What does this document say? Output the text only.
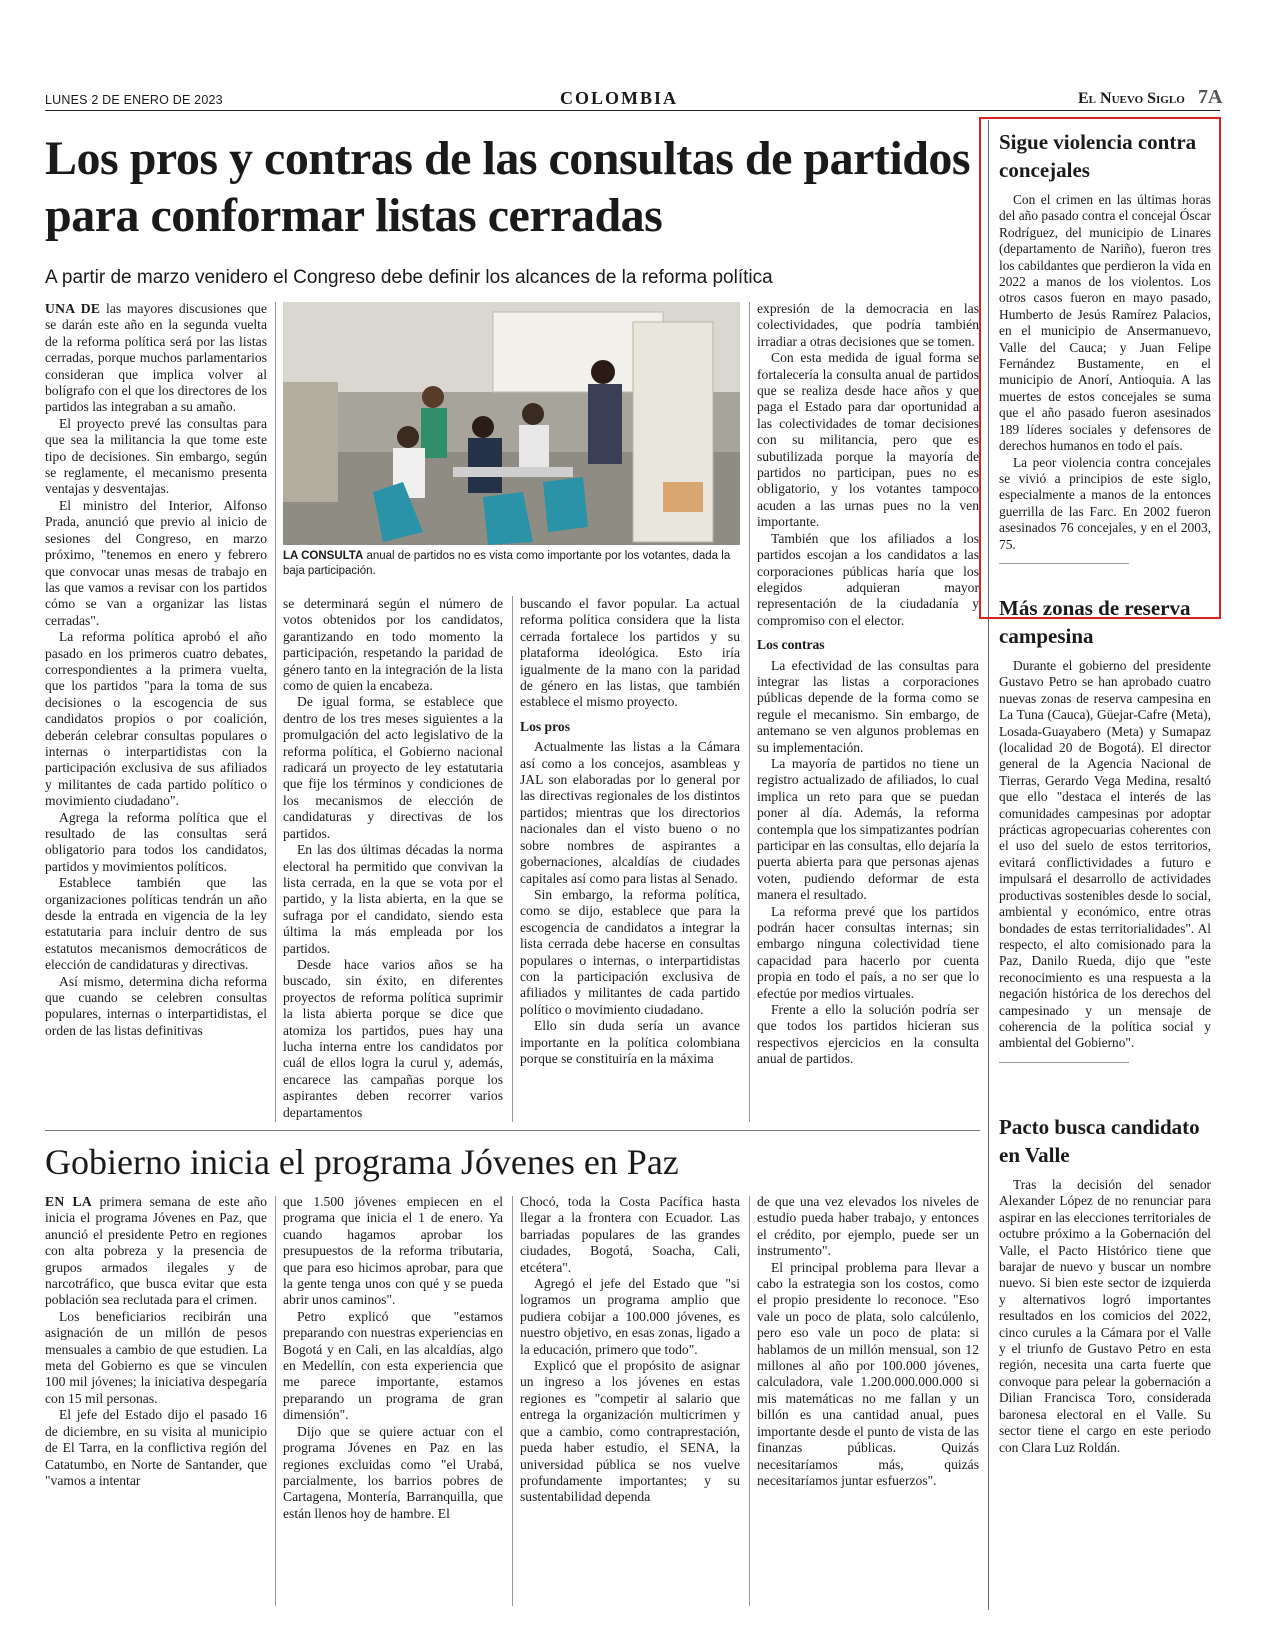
LUNES 2 DE ENERO DE 2023	COLOMBIA	El Nuevo Siglo 7A
Los pros y contras de las consultas de partidos para conformar listas cerradas
A partir de marzo venidero el Congreso debe definir los alcances de la reforma política
LA CONSULTA anual de partidos no es vista como importante por los votantes, dada la baja participación.

UNA DE las mayores discusiones que se darán este año en la segunda vuelta de la reforma política será por las listas cerradas, porque muchos parlamentarios consideran que implica volver al bolígrafo con el que los directores de los partidos las integraban a su amaño.

El proyecto prevé las consultas para que sea la militancia la que tome este tipo de decisiones. Sin embargo, según se reglamente, el mecanismo presenta ventajas y desventajas.

El ministro del Interior, Alfonso Prada, anunció que previo al inicio de sesiones del Congreso, en marzo próximo, "tenemos en enero y febrero que convocar unas mesas de trabajo en las que vamos a revisar con los partidos cómo se van a organizar las listas cerradas".

La reforma política aprobó el año pasado en los primeros cuatro debates, correspondientes a la primera vuelta, que los partidos "para la toma de sus decisiones o la escogencia de sus candidatos propios o por coalición, deberán celebrar consultas populares o internas o interpartidistas con la participación exclusiva de sus afiliados y militantes de cada partido político o movimiento ciudadano".

Agrega la reforma política que el resultado de las consultas será obligatorio para todos los candidatos, partidos y movimientos políticos.

Establece también que las organizaciones políticas tendrán un año desde la entrada en vigencia de la ley estatutaria para incluir dentro de sus estatutos mecanismos democráticos de elección de candidaturas y directivas.

Así mismo, determina dicha reforma que cuando se celebren consultas populares, internas o interpartidistas, el orden de las listas definitivas

se determinará según el número de votos obtenidos por los candidatos, garantizando en todo momento la participación, respetando la paridad de género tanto en la integración de la lista como de quien la encabeza.

De igual forma, se establece que dentro de los tres meses siguientes a la promulgación del acto legislativo de la reforma política, el Gobierno nacional radicará un proyecto de ley estatutaria que fije los términos y condiciones de los mecanismos de elección de candidaturas y directivas de los partidos.

En las dos últimas décadas la norma electoral ha permitido que convivan la lista cerrada, en la que se vota por el partido, y la lista abierta, en la que se sufraga por el candidato, siendo esta última la más empleada por los partidos.

Desde hace varios años se ha buscado, sin éxito, en diferentes proyectos de reforma política suprimir la lista abierta porque se dice que atomiza los partidos, pues hay una lucha interna entre los candidatos por cuál de ellos logra la curul y, además, encarece las campañas porque los aspirantes deben recorrer varios departamentos

buscando el favor popular. La actual reforma política considera que la lista cerrada fortalece los partidos y su plataforma ideológica. Esto iría igualmente de la mano con la paridad de género en las listas, que también establece el mismo proyecto.

Los pros

Actualmente las listas a la Cámara así como a los concejos, asambleas y JAL son elaboradas por lo general por las directivas regionales de los distintos partidos; mientras que los directorios nacionales dan el visto bueno o no sobre nombres de aspirantes a gobernaciones, alcaldías de ciudades capitales así como para listas al Senado.

Sin embargo, la reforma política, como se dijo, establece que para la escogencia de candidatos a integrar la lista cerrada debe hacerse en consultas populares o internas, o interpartidistas con la participación exclusiva de afiliados y militantes de cada partido político o movimiento ciudadano.

Ello sin duda sería un avance importante en la política colombiana porque se constituiría en la máxima

expresión de la democracia en las colectividades, que podría también irradiar a otras decisiones que se tomen.

Con esta medida de igual forma se fortalecería la consulta anual de partidos que se realiza desde hace años y que paga el Estado para dar oportunidad a las colectividades de tomar decisiones con su militancia, pero que es subutilizada porque la mayoría de partidos no participan, pues no es obligatorio, y los votantes tampoco acuden a las urnas pues no la ven importante.

También que los afiliados a los partidos escojan a los candidatos a las corporaciones públicas haría que los elegidos adquieran mayor representación de la ciudadanía y compromiso con el elector.

Los contras

La efectividad de las consultas para integrar las listas a corporaciones públicas depende de la forma como se regule el mecanismo. Sin embargo, de antemano se ven algunos problemas en su implementación.

La mayoría de partidos no tiene un registro actualizado de afiliados, lo cual implica un reto para que se puedan poner al día. Además, la reforma contempla que los simpatizantes podrían participar en las consultas, ello dejaría la puerta abierta para que personas ajenas voten, pudiendo deformar de esta manera el resultado.

La reforma prevé que los partidos podrán hacer consultas internas; sin embargo ninguna colectividad tiene capacidad para hacerlo por cuenta propia en todo el país, a no ser que lo efectúe por medios virtuales.

Frente a ello la solución podría ser que todos los partidos hicieran sus respectivos ejercicios en la consulta anual de partidos.

Gobierno inicia el programa Jóvenes en Paz

EN LA primera semana de este año inicia el programa Jóvenes en Paz, que anunció el presidente Petro en regiones con alta pobreza y la presencia de grupos armados ilegales y de narcotráfico, que busca evitar que esta población sea reclutada para el crimen.

Los beneficiarios recibirán una asignación de un millón de pesos mensuales a cambio de que estudien. La meta del Gobierno es que se vinculen 100 mil jóvenes; la iniciativa despegaría con 15 mil personas.

El jefe del Estado dijo el pasado 16 de diciembre, en su visita al municipio de El Tarra, en la conflictiva región del Catatumbo, en Norte de Santander, que "vamos a intentar

que 1.500 jóvenes empiecen en el programa que inicia el 1 de enero. Ya cuando hagamos aprobar los presupuestos de la reforma tributaria, que para eso hicimos aprobar, para que la gente tenga unos con qué y se pueda abrir unos caminos".

Petro explicó que "estamos preparando con nuestras experiencias en Bogotá y en Cali, en las alcaldías, algo en Medellín, con esta experiencia que me parece importante, estamos preparando un programa de gran dimensión".

Dijo que se quiere actuar con el programa Jóvenes en Paz en las regiones excluidas como "el Urabá, parcialmente, los barrios pobres de Cartagena, Montería, Barranquilla, que están llenos hoy de hambre. El

Chocó, toda la Costa Pacífica hasta llegar a la frontera con Ecuador. Las barriadas populares de las grandes ciudades, Bogotá, Soacha, Cali, etcétera".

Agregó el jefe del Estado que "si logramos un programa amplio que pudiera cobijar a 100.000 jóvenes, es nuestro objetivo, en esas zonas, ligado a la educación, primero que todo".

Explicó que el propósito de asignar un ingreso a los jóvenes en estas regiones es "competir al salario que entrega la organización multicrimen y que a cambio, como contraprestación, pueda haber estudio, el SENA, la universidad pública se nos vuelve profundamente importantes; y su sustentabilidad dependa

de que una vez elevados los niveles de estudio pueda haber trabajo, y entonces el crédito, por ejemplo, puede ser un instrumento".

El principal problema para llevar a cabo la estrategia son los costos, como el propio presidente lo reconoce. "Eso vale un poco de plata, solo calcúlenlo, pero eso vale un poco de plata: si hablamos de un millón mensual, son 12 millones al año por 100.000 jóvenes, calculadora, vale 1.200.000.000.000 si mis matemáticas no me fallan y un billón es una cantidad anual, pues importante desde el punto de vista de las finanzas públicas. Quizás necesitaríamos más, quizás necesitaríamos juntar esfuerzos".

Sigue violencia contra concejales

Con el crimen en las últimas horas del año pasado contra el concejal Óscar Rodríguez, del municipio de Linares (departamento de Nariño), fueron tres los cabildantes que perdieron la vida en 2022 a manos de los violentos. Los otros casos fueron en mayo pasado, Humberto de Jesús Ramírez Palacios, en el municipio de Ansermanuevo, Valle del Cauca; y Juan Felipe Fernández Bustamente, en el municipio de Anorí, Antioquia. A las muertes de estos concejales se suma que el año pasado fueron asesinados 189 líderes sociales y defensores de derechos humanos en todo el país.

La peor violencia contra concejales se vivió a principios de este siglo, especialmente a manos de la entonces guerrilla de las Farc. En 2002 fueron asesinados 76 concejales, y en el 2003, 75.

Más zonas de reserva campesina

Durante el gobierno del presidente Gustavo Petro se han aprobado cuatro nuevas zonas de reserva campesina en La Tuna (Cauca), Güejar-Cafre (Meta), Losada-Guayabero (Meta) y Sumapaz (localidad 20 de Bogotá). El director general de la Agencia Nacional de Tierras, Gerardo Vega Medina, resaltó que ello "destaca el interés de las comunidades campesinas por adoptar prácticas agropecuarias coherentes con el uso del suelo de estos territorios, evitará conflictividades a futuro e impulsará el desarrollo de actividades productivas sostenibles desde lo social, ambiental y económico, entre otras bondades de estas territorialidades". Al respecto, el alto comisionado para la Paz, Danilo Rueda, dijo que "este reconocimiento es una respuesta a la negación histórica de los derechos del campesinado y un mensaje de coherencia de la política social y ambiental del Gobierno".

Pacto busca candidato en Valle

Tras la decisión del senador Alexander López de no renunciar para aspirar en las elecciones territoriales de octubre próximo a la Gobernación del Valle, el Pacto Histórico tiene que barajar de nuevo y buscar un nombre nuevo. Si bien este sector de izquierda y alternativos logró importantes resultados en los comicios del 2022, cinco curules a la Cámara por el Valle y el triunfo de Gustavo Petro en esta región, necesita una carta fuerte que convoque para pelear la gobernación a Dilian Francisca Toro, considerada baronesa electoral en el Valle. Su sector tiene el cargo en este periodo con Clara Luz Roldán.
